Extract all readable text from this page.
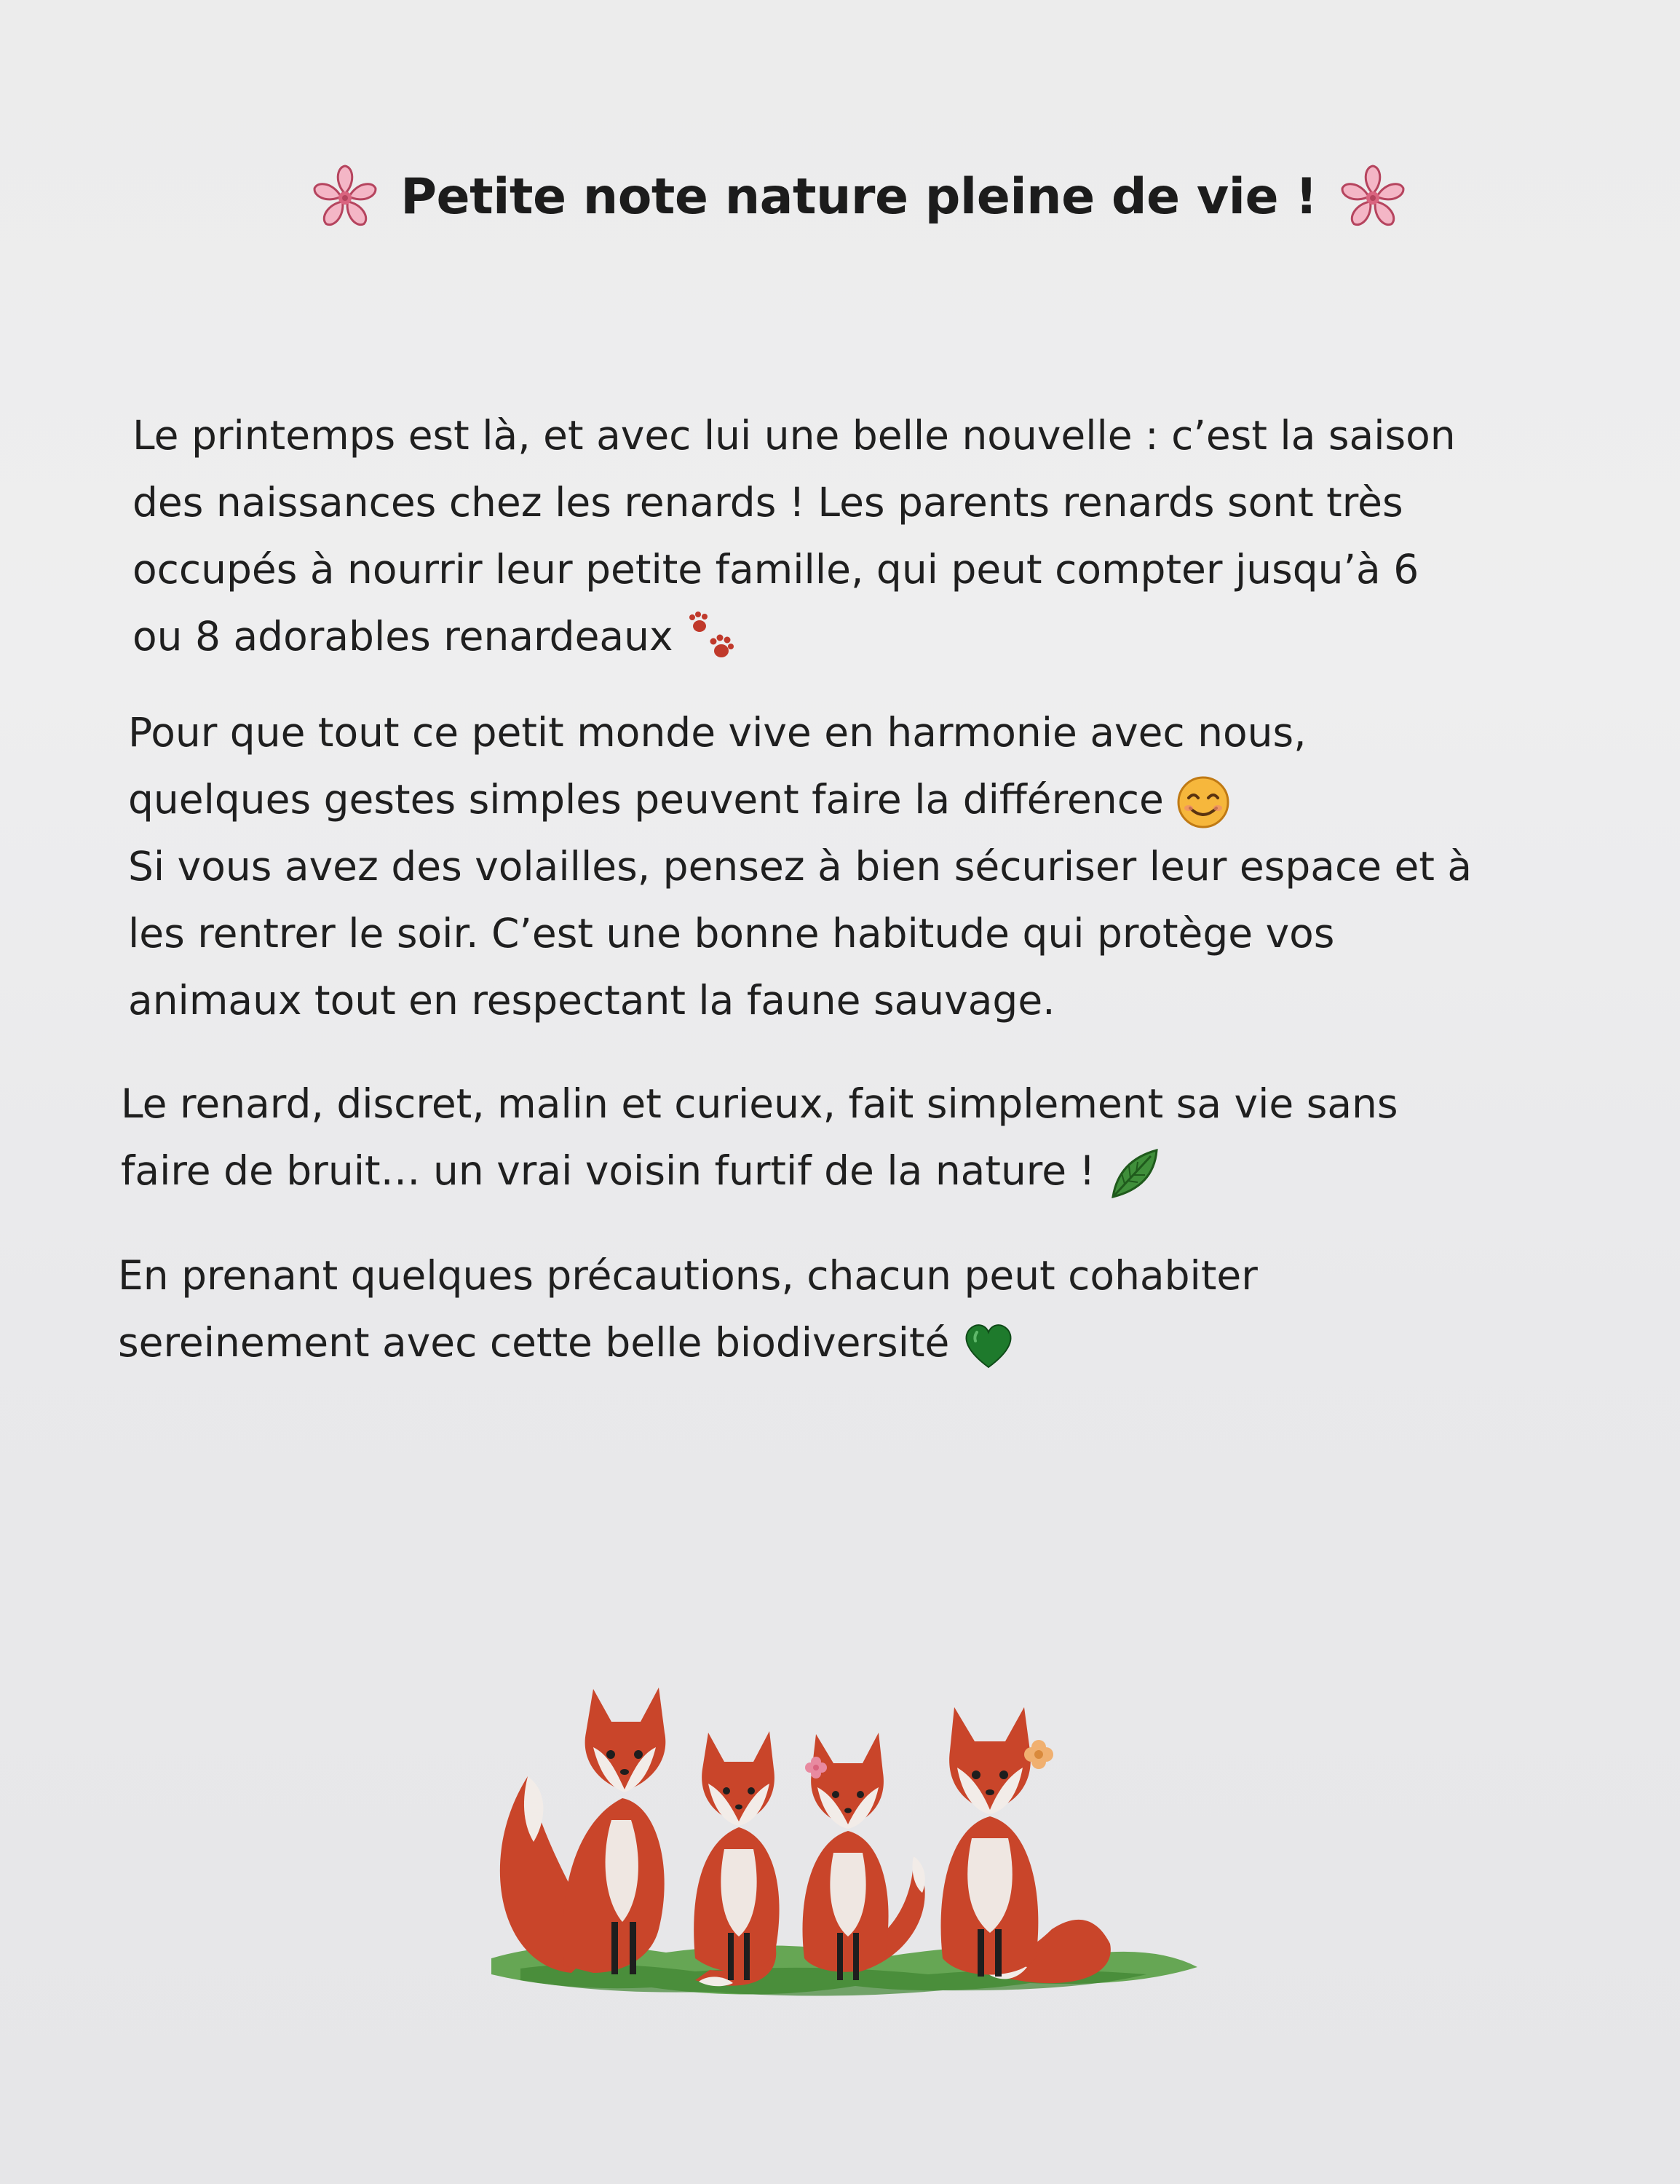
Petite note nature pleine de vie !
Le printemps est là, et avec lui une belle nouvelle : c’est la saison
des naissances chez les renards ! Les parents renards sont très
occupés à nourrir leur petite famille, qui peut compter jusqu’à 6
ou 8 adorables renardeaux
Pour que tout ce petit monde vive en harmonie avec nous,
quelques gestes simples peuvent faire la différence
Si vous avez des volailles, pensez à bien sécuriser leur espace et à
les rentrer le soir. C’est une bonne habitude qui protège vos
animaux tout en respectant la faune sauvage.
Le renard, discret, malin et curieux, fait simplement sa vie sans
faire de bruit… un vrai voisin furtif de la nature !
En prenant quelques précautions, chacun peut cohabiter
sereinement avec cette belle biodiversité
